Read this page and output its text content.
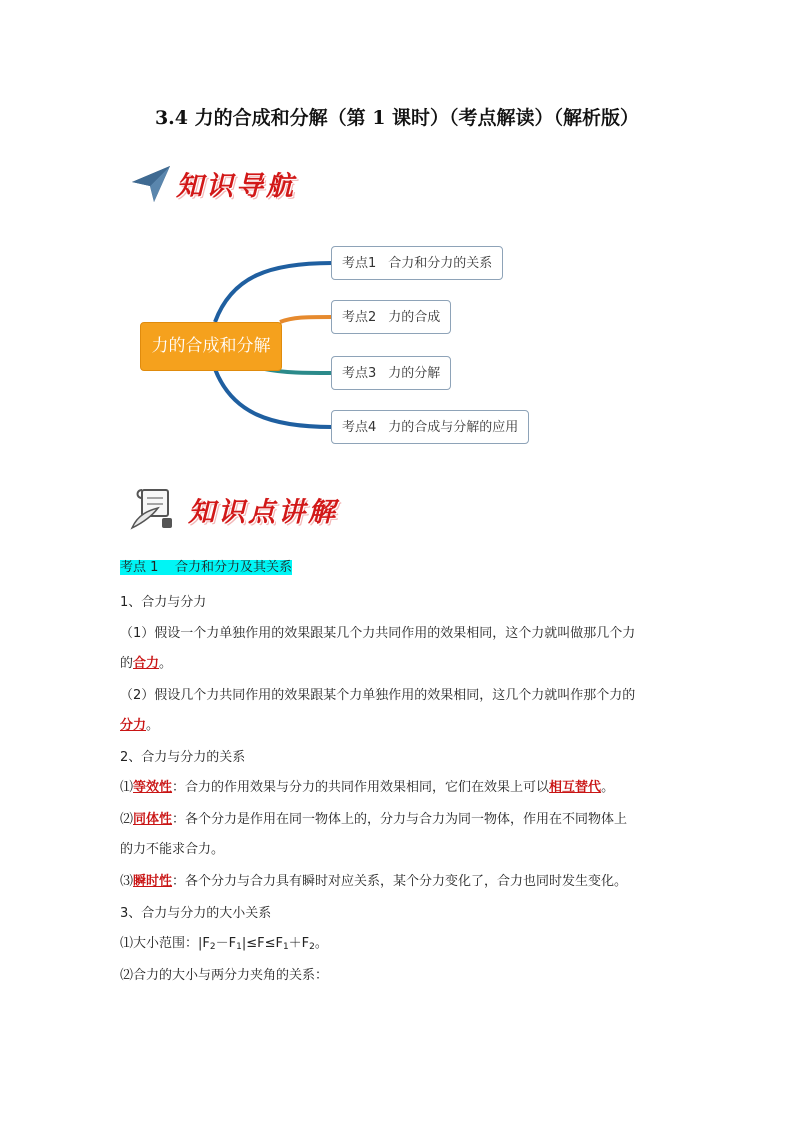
3.4 力的合成和分解（第 1 课时）（考点解读）（解析版）
知识导航
力的合成和分解
考点1 合力和分力的关系
考点2 力的合成
考点3 力的分解
考点4 力的合成与分解的应用
知识点讲解
考点 1 合力和分力及其关系
1、合力与分力
（1）假设一个力单独作用的效果跟某几个力共同作用的效果相同，这个力就叫做那几个力
的合力。
（2）假设几个力共同作用的效果跟某个力单独作用的效果相同，这几个力就叫作那个力的
分力。
2、合力与分力的关系
⑴等效性：合力的作用效果与分力的共同作用效果相同，它们在效果上可以相互替代。
⑵同体性：各个分力是作用在同一物体上的，分力与合力为同一物体，作用在不同物体上
的力不能求合力。
⑶瞬时性：各个分力与合力具有瞬时对应关系，某个分力变化了，合力也同时发生变化。
3、合力与分力的大小关系
⑴大小范围：$|F_2-F_1|\le F\le F_1+F_2$。
⑵合力的大小与两分力夹角的关系：
